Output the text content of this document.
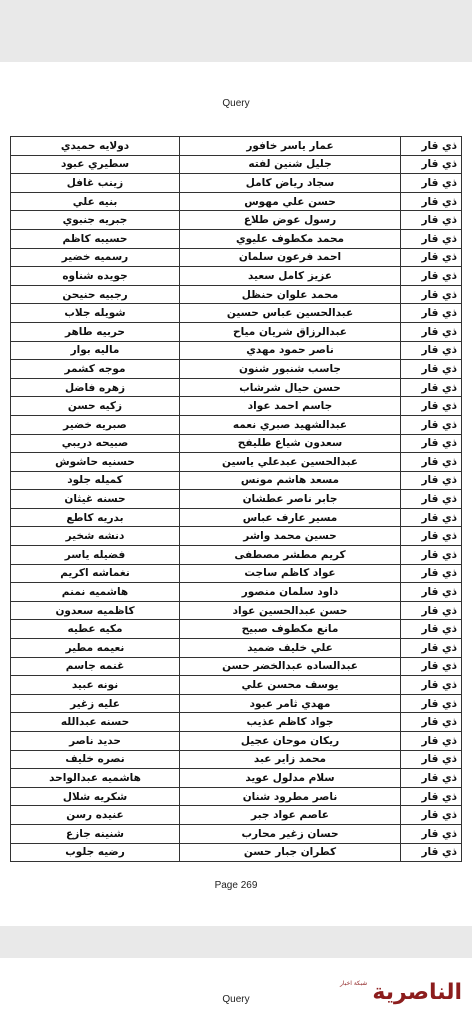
Query
دولايه حميدي	عمار ياسر خافور	ذي قار
سطيري عبود	جليل شنين لفته	ذي قار
زينب غافل	سجاد رياض كامل	ذي قار
بنيه علي	حسن علي مهوس	ذي قار
جبريه جنبوي	رسول عوض طلاع	ذي قار
حسيبه كاظم	محمد مكطوف عليوي	ذي قار
رسميه خضير	احمد فرعون سلمان	ذي قار
جويده شناوه	عزيز كامل سعيد	ذي قار
رجبيه حنيحن	محمد علوان حنظل	ذي قار
شويله جلاب	عبدالحسين عباس حسين	ذي قار
حربيه طاهر	عبدالرزاق شريان مياح	ذي قار
ماليه بوار	ناصر حمود مهدي	ذي قار
موجه كشمر	جاسب شنبور شنون	ذي قار
زهره فاضل	حسن حيال شرشاب	ذي قار
زكيه حسن	جاسم احمد عواد	ذي قار
صبريه خضير	عبدالشهيد صبري نعمه	ذي قار
صبيحه دريبي	سعدون شياع طليفح	ذي قار
حسنيه حاشوش	عبدالحسين عبدعلي ياسين	ذي قار
كميله جلود	مسعد هاشم مونس	ذي قار
حسنه غيثان	جابر ناصر عطشان	ذي قار
بدريه كاطع	مسير عارف عباس	ذي قار
دنشه شخير	حسين محمد واشر	ذي قار
فضيله ياسر	كريم مطشر مصطفى	ذي قار
نغماشه اكريم	عواد كاظم ساجت	ذي قار
هاشميه نمنم	داود سلمان منصور	ذي قار
كاظميه سعدون	حسن عبدالحسين عواد	ذي قار
مكيه عطيه	مانع مكطوف صبيح	ذي قار
نعيمه مطير	علي خليف ضميد	ذي قار
غنمه جاسم	عبدالساده عبدالخضر حسن	ذي قار
نونه عبيد	يوسف محسن علي	ذي قار
عليه زغير	مهدي ثامر عبود	ذي قار
حسنه عبدالله	جواد كاظم عذيب	ذي قار
حديد ناصر	ريكان موحان عجيل	ذي قار
نصره خليف	محمد زاير عبد	ذي قار
هاشميه عبدالواحد	سلام مدلول عويد	ذي قار
شكريه شلال	ناصر مطرود شنان	ذي قار
عنيده رسن	عاصم عواد جبر	ذي قار
شنينه جازع	حسان زغير محارب	ذي قار
رضيه جلوب	كطران جبار حسن	ذي قار
Page 269
Query
شبكة اخبار الناصرية
